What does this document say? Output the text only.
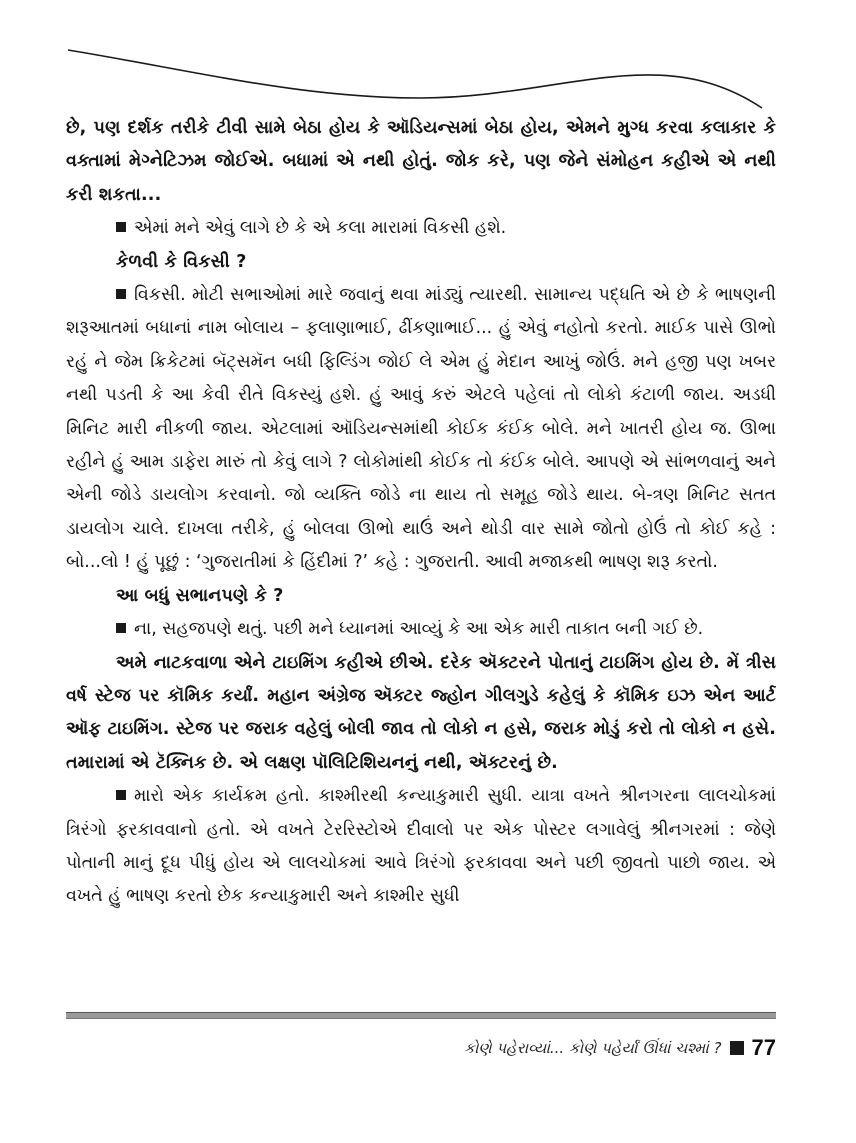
છે, પણ દર્શક તરીકે ટીવી સામે બેઠા હોય કે ઑડિયન્સમાં બેઠા હોય, એમને મુગ્ધ કરવા કલાકાર કે વક્તામાં મેગ્નેટિઝમ જોઈએ. બધામાં એ નથી હોતું. જોક કરે, પણ જેને સંમોહન કહીએ એ નથી કરી શકતા...

એમાં મને એવું લાગે છે કે એ કલા મારામાં વિકસી હશે.

કેળવી કે વિકસી ?

વિકસી. મોટી સભાઓમાં મારે જવાનું થવા માંડ્યું ત્યારથી. સામાન્ય પદ્ધતિ એ છે કે ભાષણની શરૂઆતમાં બધાનાં નામ બોલાય – ફલાણાભાઈ, ઢીંકણાભાઈ... હું એવું નહોતો કરતો. માઈક પાસે ઊભો રહું ને જેમ ક્રિકેટમાં બૅટ્સમૅન બધી ફિલ્ડિંગ જોઈ લે એમ હું મેદાન આખું જોઉં. મને હજી પણ ખબર નથી પડતી કે આ કેવી રીતે વિકસ્યું હશે. હું આવું કરું એટલે પહેલાં તો લોકો કંટાળી જાય. અડધી મિનિટ મારી નીકળી જાય. એટલામાં ઑડિયન્સમાંથી કોઈક કંઈક બોલે. મને ખાતરી હોય જ. ઊભા રહીને હું આમ ડાફેરા મારું તો કેવું લાગે ? લોકોમાંથી કોઈક તો કંઈક બોલે. આપણે એ સાંભળવાનું અને એની જોડે ડાયલોગ કરવાનો. જો વ્યક્તિ જોડે ના થાય તો સમૂહ જોડે થાય. બે-ત્રણ મિનિટ સતત ડાયલોગ ચાલે. દાખલા તરીકે, હું બોલવા ઊભો થાઉં અને થોડી વાર સામે જોતો હોઉં તો કોઈ કહે : બો...લો ! હું પૂછું : ‘ગુજરાતીમાં કે હિંદીમાં ?’ કહે : ગુજરાતી. આવી મજાકથી ભાષણ શરૂ કરતો.

આ બધું સભાનપણે કે ?

ના, સહજપણે થતું. પછી મને ધ્યાનમાં આવ્યું કે આ એક મારી તાકાત બની ગઈ છે.

અમે નાટકવાળા એને ટાઇમિંગ કહીએ છીએ. દરેક ઍક્ટરને પોતાનું ટાઇમિંગ હોય છે. મેં ત્રીસ વર્ષ સ્ટેજ પર કૉમિક કર્યાં. મહાન અંગ્રેજ ઍક્ટર જ્હોન ગીલગુડે કહેલું કે કૉમિક ઇઝ એન આર્ટ ઑફ ટાઇમિંગ. સ્ટેજ પર જરાક વહેલું બોલી જાવ તો લોકો ન હસે, જરાક મોડું કરો તો લોકો ન હસે. તમારામાં એ ટૅક્નિક છે. એ લક્ષણ પૉલિટિશિયનનું નથી, ઍક્ટરનું છે.

મારો એક કાર્યક્રમ હતો. કાશ્મીરથી કન્યાકુમારી સુધી. યાત્રા વખતે શ્રીનગરના લાલચોકમાં ત્રિરંગો ફરકાવવાનો હતો. એ વખતે ટેરરિસ્ટોએ દીવાલો પર એક પોસ્ટર લગાવેલું શ્રીનગરમાં : જેણે પોતાની માનું દૂધ પીધું હોય એ લાલચોકમાં આવે ત્રિરંગો ફરકાવવા અને પછી જીવતો પાછો જાય. એ વખતે હું ભાષણ કરતો છેક કન્યાકુમારી અને કાશ્મીર સુધી

કોણે પહેરાવ્યાં... કોણે પહેર્યાં ઊંધાં ચશ્માં ? 77
